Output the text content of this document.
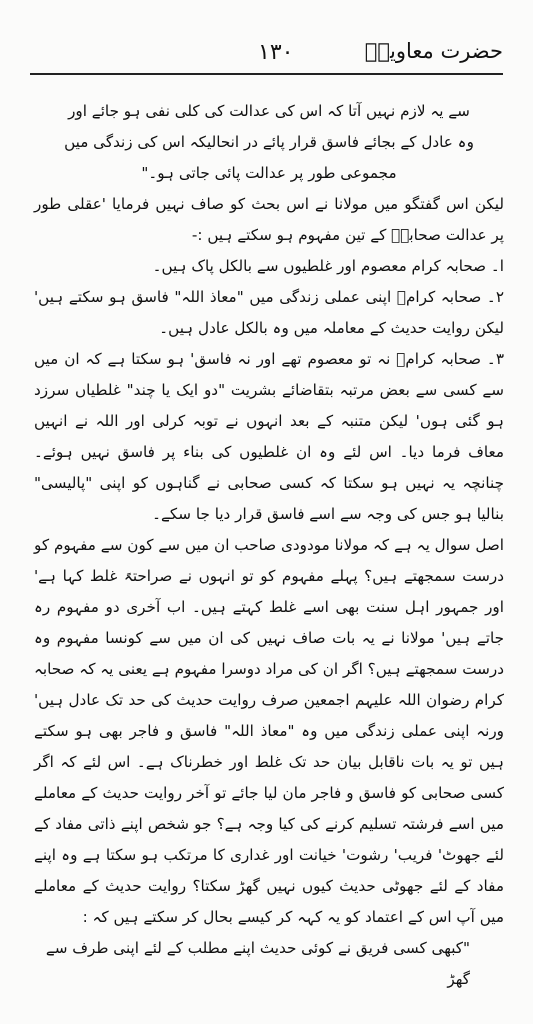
۱۳۰	حضرت معاویہؓ

سے یہ لازم نہیں آتا کہ اس کی عدالت کی کلی نفی ہو جائے اور وہ عادل کے بجائے فاسق قرار پائے در انحالیکہ اس کی زندگی میں مجموعی طور پر عدالت پائی جاتی ہو۔"

لیکن اس گفتگو میں مولانا نے اس بحث کو صاف نہیں فرمایا 'عقلی طور پر عدالت صحابہؓ کے تین مفہوم ہو سکتے ہیں :-

ا۔ صحابہ کرام معصوم اور غلطیوں سے بالکل پاک ہیں۔

۲۔ صحابہ کرامؓ اپنی عملی زندگی میں "معاذ اللہ" فاسق ہو سکتے ہیں' لیکن روایت حدیث کے معاملہ میں وہ بالکل عادل ہیں۔

۳۔ صحابہ کرامؓ نہ تو معصوم تھے اور نہ فاسق' ہو سکتا ہے کہ ان میں سے کسی سے بعض مرتبہ بتقاضائے بشریت "دو ایک یا چند" غلطیاں سرزد ہو گئی ہوں' لیکن متنبہ کے بعد انہوں نے توبہ کرلی اور اللہ نے انہیں معاف فرما دیا۔ اس لئے وہ ان غلطیوں کی بناء پر فاسق نہیں ہوئے۔ چنانچہ یہ نہیں ہو سکتا کہ کسی صحابی نے گناہوں کو اپنی "پالیسی" بنالیا ہو جس کی وجہ سے اسے فاسق قرار دیا جا سکے۔

اصل سوال یہ ہے کہ مولانا مودودی صاحب ان میں سے کون سے مفہوم کو درست سمجھتے ہیں؟ پہلے مفہوم کو تو انہوں نے صراحتہً غلط کہا ہے' اور جمہور اہل سنت بھی اسے غلط کہتے ہیں۔ اب آخری دو مفہوم رہ جاتے ہیں' مولانا نے یہ بات صاف نہیں کی ان میں سے کونسا مفہوم وہ درست سمجھتے ہیں؟ اگر ان کی مراد دوسرا مفہوم ہے یعنی یہ کہ صحابہ کرام رضوان اللہ علیہم اجمعین صرف روایت حدیث کی حد تک عادل ہیں' ورنہ اپنی عملی زندگی میں وہ "معاذ اللہ" فاسق و فاجر بھی ہو سکتے ہیں تو یہ بات ناقابل بیان حد تک غلط اور خطرناک ہے۔ اس لئے کہ اگر کسی صحابی کو فاسق و فاجر مان لیا جائے تو آخر روایت حدیث کے معاملے میں اسے فرشتہ تسلیم کرنے کی کیا وجہ ہے؟ جو شخص اپنے ذاتی مفاد کے لئے جھوٹ' فریب' رشوت' خیانت اور غداری کا مرتکب ہو سکتا ہے وہ اپنے مفاد کے لئے جھوٹی حدیث کیوں نہیں گھڑ سکتا؟ روایت حدیث کے معاملے میں آپ اس کے اعتماد کو یہ کہہ کر کیسے بحال کر سکتے ہیں کہ :

"کبھی کسی فریق نے کوئی حدیث اپنے مطلب کے لئے اپنی طرف سے گھڑ
